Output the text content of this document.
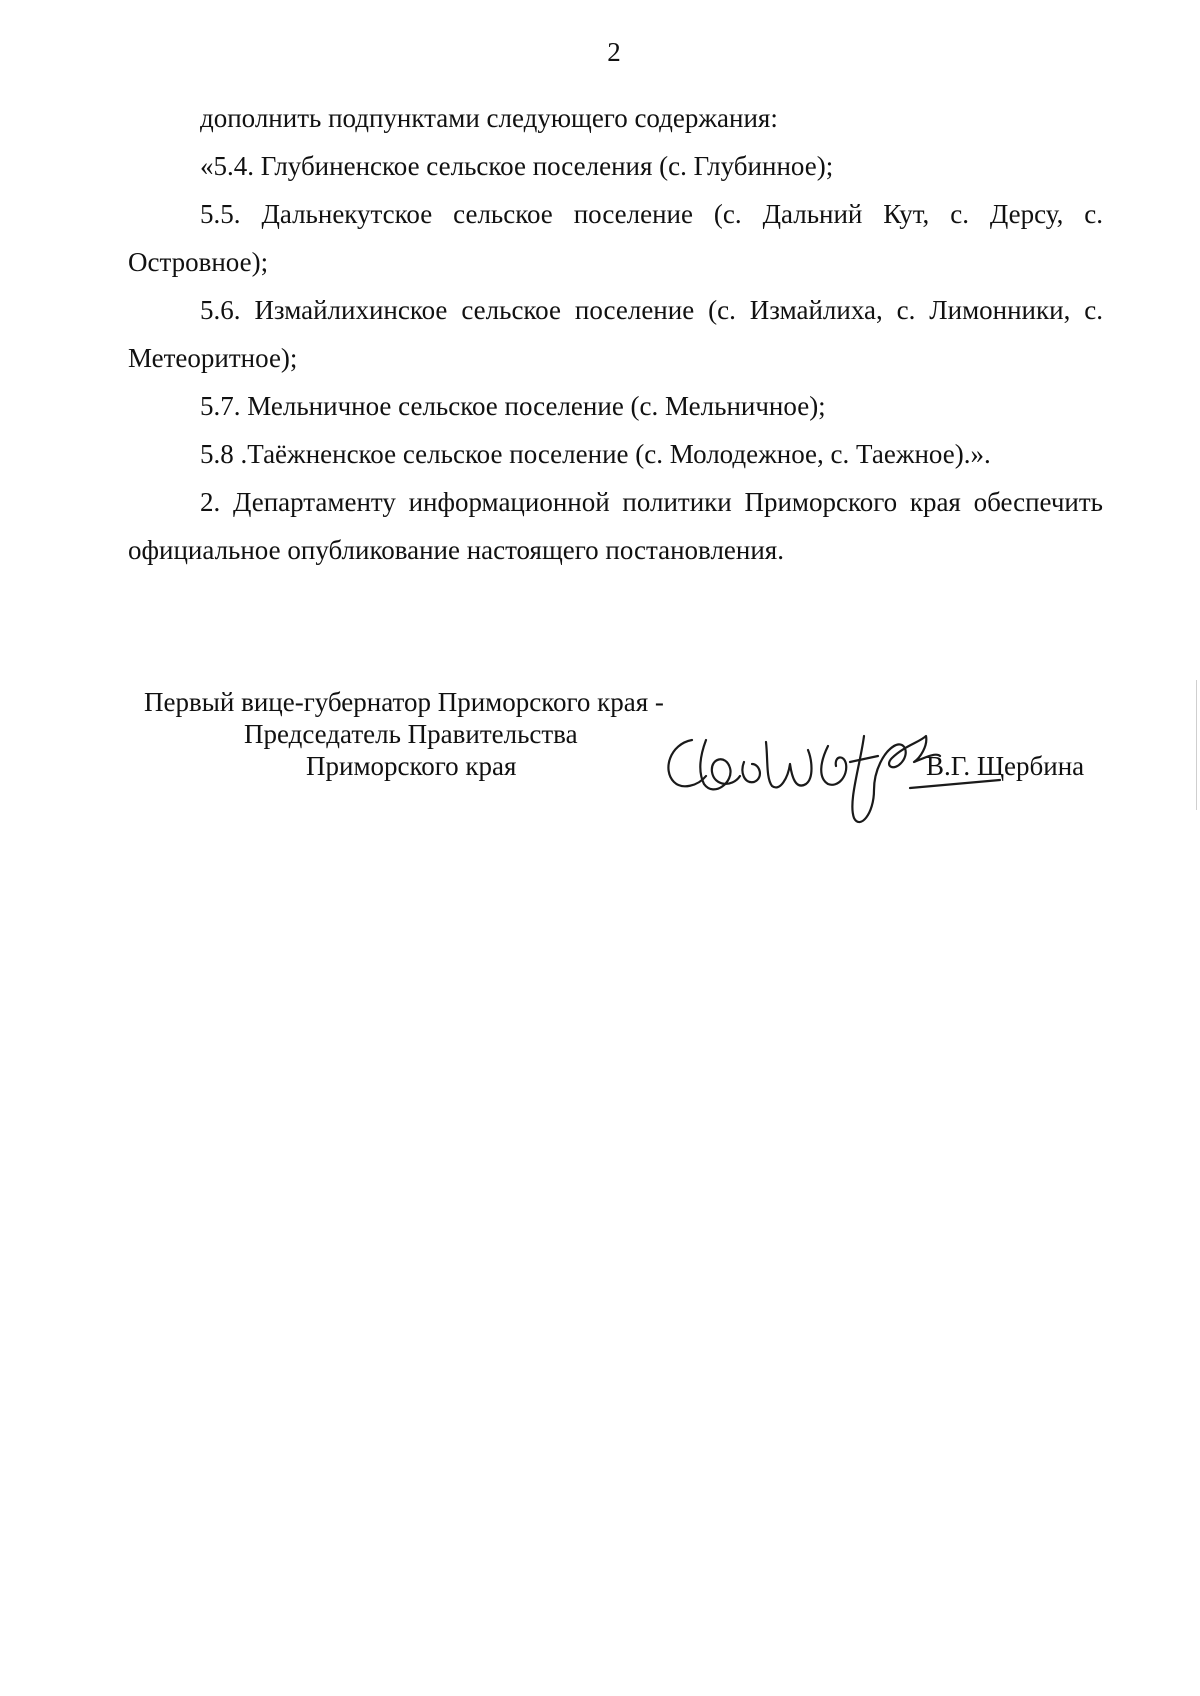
2

дополнить подпунктами следующего содержания:

«5.4. Глубиненское сельское поселения (с. Глубинное);

5.5. Дальнекутское сельское поселение (с. Дальний Кут, с. Дерсу, с. Островное);

5.6. Измайлихинское сельское поселение (с. Измайлиха, с. Лимонники, с. Метеоритное);

5.7. Мельничное сельское поселение (с. Мельничное);

5.8 .Таёжненское сельское поселение (с. Молодежное, с. Таежное).».

2. Департаменту информационной политики Приморского края обеспечить официальное опубликование настоящего постановления.

Первый вице-губернатор Приморского края -
Председатель Правительства
Приморского края	В.Г. Щербина
